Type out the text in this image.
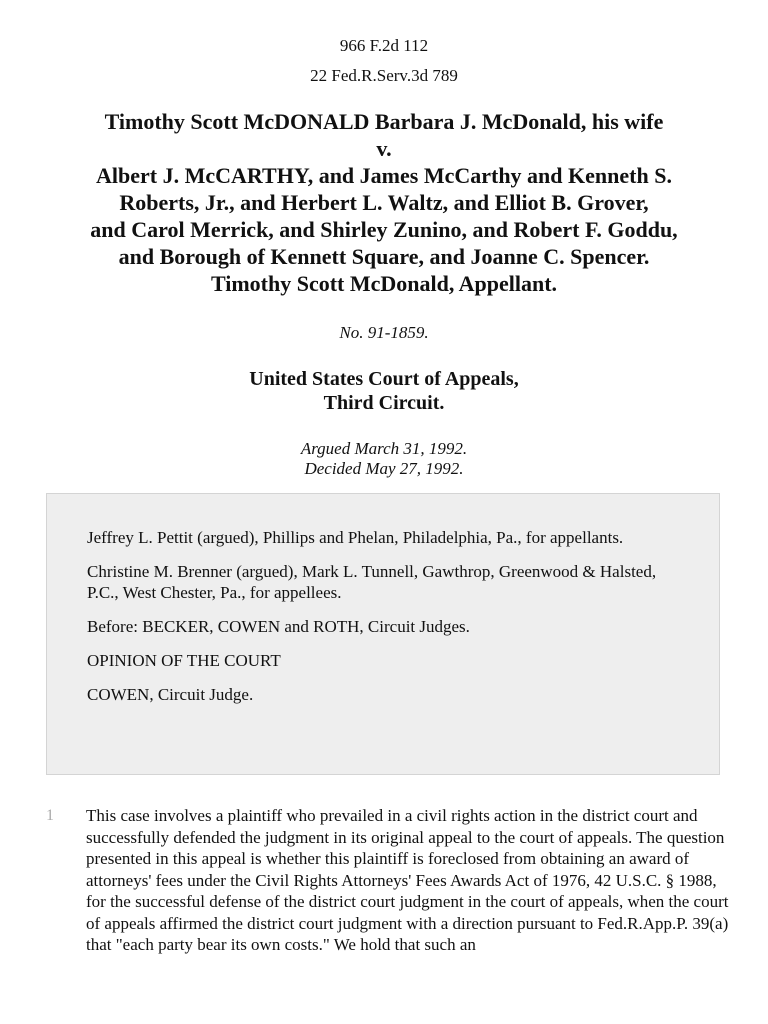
966 F.2d 112
22 Fed.R.Serv.3d 789
Timothy Scott McDONALD Barbara J. McDonald, his wife
v.
Albert J. McCARTHY, and James McCarthy and Kenneth S.
Roberts, Jr., and Herbert L. Waltz, and Elliot B. Grover,
and Carol Merrick, and Shirley Zunino, and Robert F. Goddu,
and Borough of Kennett Square, and Joanne C. Spencer.
Timothy Scott McDonald, Appellant.
No. 91-1859.
United States Court of Appeals,
Third Circuit.
Argued March 31, 1992.
Decided May 27, 1992.

Jeffrey L. Pettit (argued), Phillips and Phelan, Philadelphia, Pa., for appellants.

Christine M. Brenner (argued), Mark L. Tunnell, Gawthrop, Greenwood & Halsted, P.C., West Chester, Pa., for appellees.

Before: BECKER, COWEN and ROTH, Circuit Judges.

OPINION OF THE COURT

COWEN, Circuit Judge.

1 This case involves a plaintiff who prevailed in a civil rights action in the district court and successfully defended the judgment in its original appeal to the court of appeals. The question presented in this appeal is whether this plaintiff is foreclosed from obtaining an award of attorneys' fees under the Civil Rights Attorneys' Fees Awards Act of 1976, 42 U.S.C. § 1988, for the successful defense of the district court judgment in the court of appeals, when the court of appeals affirmed the district court judgment with a direction pursuant to Fed.R.App.P. 39(a) that "each party bear its own costs." We hold that such an
